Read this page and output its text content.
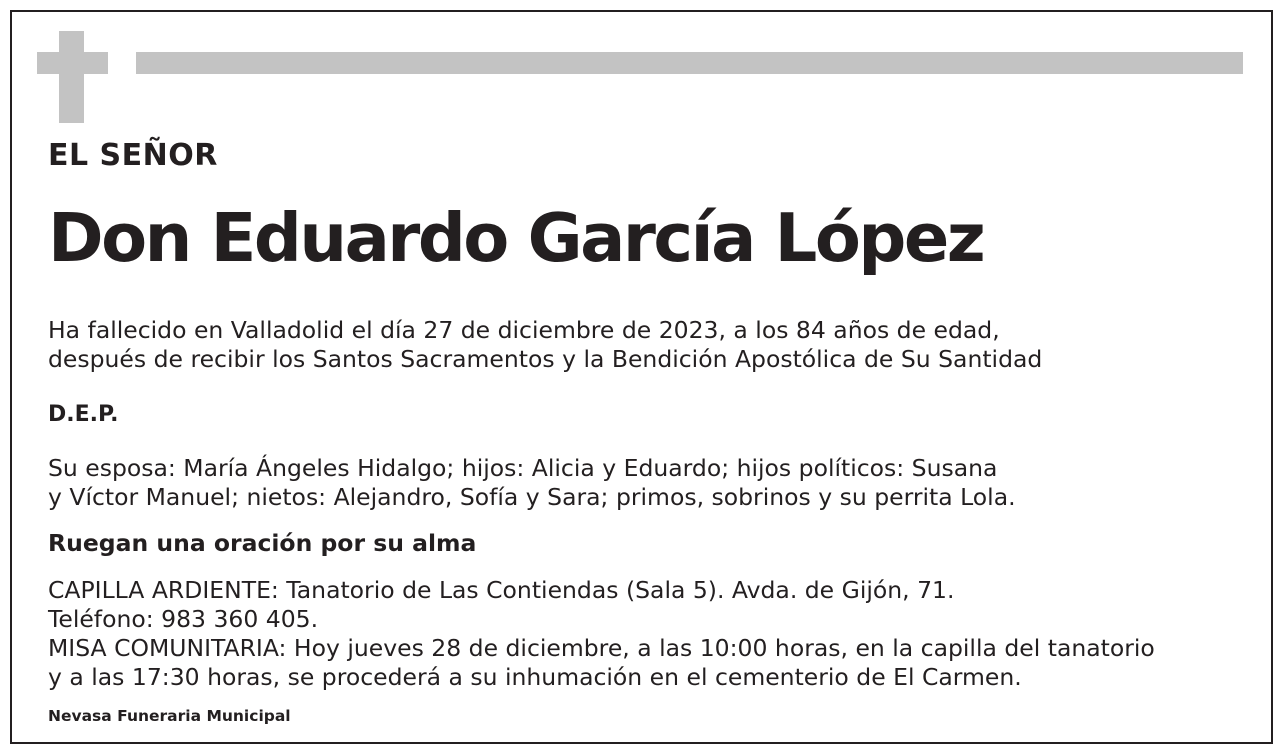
EL SEÑOR
Don Eduardo García López
Ha fallecido en Valladolid el día 27 de diciembre de 2023, a los 84 años de edad,
después de recibir los Santos Sacramentos y la Bendición Apostólica de Su Santidad
D.E.P.
Su esposa: María Ángeles Hidalgo; hijos: Alicia y Eduardo; hijos políticos: Susana
y Víctor Manuel; nietos: Alejandro, Sofía y Sara; primos, sobrinos y su perrita Lola.
Ruegan una oración por su alma
CAPILLA ARDIENTE: Tanatorio de Las Contiendas (Sala 5). Avda. de Gijón, 71.
Teléfono: 983 360 405.
MISA COMUNITARIA: Hoy jueves 28 de diciembre, a las 10:00 horas, en la capilla del tanatorio
y a las 17:30 horas, se procederá a su inhumación en el cementerio de El Carmen.
Nevasa Funeraria Municipal
